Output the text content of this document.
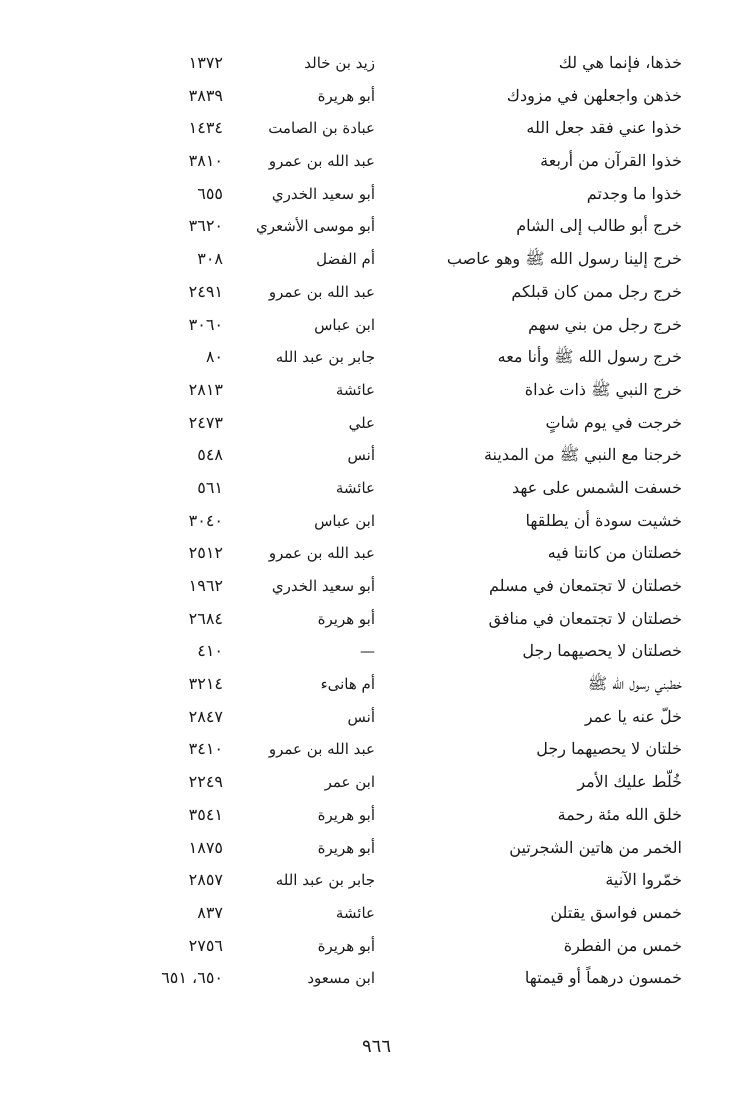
خذها، فإنما هي لك
زيد بن خالد
١٣٧٢
خذهن واجعلهن في مزودك
أبو هريرة
٣٨٣٩
خذوا عني فقد جعل الله
عبادة بن الصامت
١٤٣٤
خذوا القرآن من أربعة
عبد الله بن عمرو
٣٨١٠
خذوا ما وجدتم
أبو سعيد الخدري
٦٥٥
خرج أبو طالب إلى الشام
أبو موسى الأشعري
٣٦٢٠
خرج إلينا رسول الله ﷺ وهو عاصب
أم الفضل
٣٠٨
خرج رجل ممن كان قبلكم
عبد الله بن عمرو
٢٤٩١
خرج رجل من بني سهم
ابن عباس
٣٠٦٠
خرج رسول الله ﷺ وأنا معه
جابر بن عبد الله
٨٠
خرج النبي ﷺ ذات غداة
عائشة
٢٨١٣
خرجت في يوم شاتٍ
علي
٢٤٧٣
خرجنا مع النبي ﷺ من المدينة
أنس
٥٤٨
خسفت الشمس على عهد
عائشة
٥٦١
خشيت سودة أن يطلقها
ابن عباس
٣٠٤٠
خصلتان من كانتا فيه
عبد الله بن عمرو
٢٥١٢
خصلتان لا تجتمعان في مسلم
أبو سعيد الخدري
١٩٦٢
خصلتان لا تجتمعان في منافق
أبو هريرة
٢٦٨٤
خصلتان لا يحصيهما رجل
—
٤١٠
خطبني رسول الله ﷺ
أم هانىء
٣٢١٤
خلّ عنه يا عمر
أنس
٢٨٤٧
خلتان لا يحصيهما رجل
عبد الله بن عمرو
٣٤١٠
خُلّط عليك الأمر
ابن عمر
٢٢٤٩
خلق الله مئة رحمة
أبو هريرة
٣٥٤١
الخمر من هاتين الشجرتين
أبو هريرة
١٨٧٥
خمّروا الآنية
جابر بن عبد الله
٢٨٥٧
خمس فواسق يقتلن
عائشة
٨٣٧
خمس من الفطرة
أبو هريرة
٢٧٥٦
خمسون درهماً أو قيمتها
ابن مسعود
٦٥٠، ٦٥١
٩٦٦
